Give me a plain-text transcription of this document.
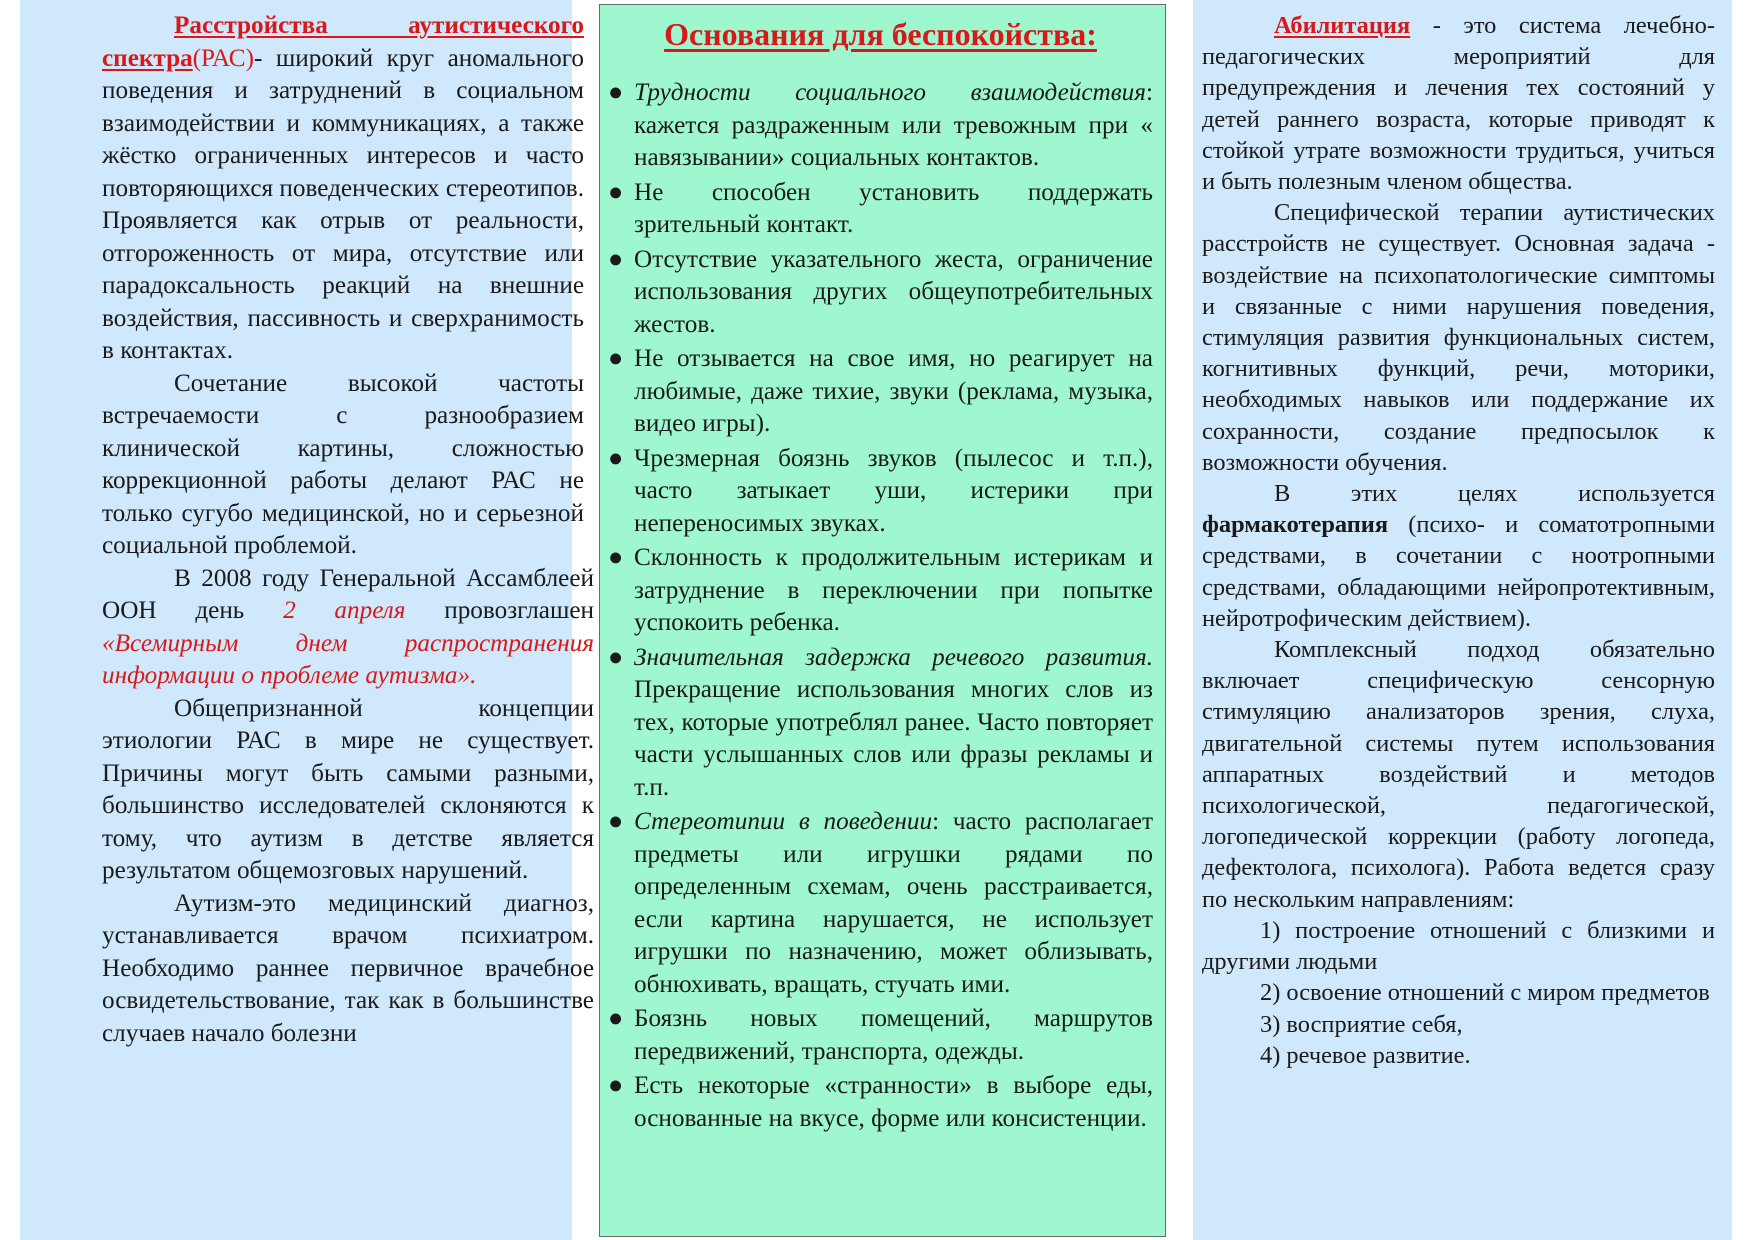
Расстройства аутистического спектра(РАС)- широкий круг аномального поведения и затруднений в социальном взаимодействии и коммуникациях, а также жёстко ограниченных интересов и часто повторяющихся поведенческих стереотипов. Проявляется как отрыв от реальности, отгороженность от мира, отсутствие или парадоксальность реакций на внешние воздействия, пассивность и сверхранимость в контактах.

Сочетание высокой частоты встречаемости с разнообразием клинической картины, сложностью коррекционной работы делают РАС не только сугубо медицинской, но и серьезной социальной проблемой.

В 2008 году Генеральной Ассамблеей ООН день 2 апреля провозглашен «Всемирным днем распространения информации о проблеме аутизма».

Общепризнанной концепции этиологии РАС в мире не существует. Причины могут быть самыми разными, большинство исследователей склоняются к тому, что аутизм в детстве является результатом общемозговых нарушений.

Аутизм-это медицинский диагноз, устанавливается врачом психиатром. Необходимо раннее первичное врачебное освидетельствование, так как в большинстве случаев начало болезни

Основания для беспокойства:
● Трудности социального взаимодействия: кажется раздраженным или тревожным при « навязывании» социальных контактов.
● Не способен установить поддержать зрительный контакт.
● Отсутствие указательного жеста, ограничение использования других общеупотребительных жестов.
● Не отзывается на свое имя, но реагирует на любимые, даже тихие, звуки (реклама, музыка, видео игры).
● Чрезмерная боязнь звуков (пылесос и т.п.), часто затыкает уши, истерики при непереносимых звуках.
● Склонность к продолжительным истерикам и затруднение в переключении при попытке успокоить ребенка.
● Значительная задержка речевого развития. Прекращение использования многих слов из тех, которые употреблял ранее. Часто повторяет части услышанных слов или фразы рекламы и т.п.
● Стереотипии в поведении: часто располагает предметы или игрушки рядами по определенным схемам, очень расстраивается, если картина нарушается, не использует игрушки по назначению, может облизывать, обнюхивать, вращать, стучать ими.
● Боязнь новых помещений, маршрутов передвижений, транспорта, одежды.
● Есть некоторые «странности» в выборе еды, основанные на вкусе, форме или консистенции.

Абилитация - это система лечебно-педагогических мероприятий для предупреждения и лечения тех состояний у детей раннего возраста, которые приводят к стойкой утрате возможности трудиться, учиться и быть полезным членом общества.

Специфической терапии аутистических расстройств не существует. Основная задача - воздействие на психопатологические симптомы и связанные с ними нарушения поведения, стимуляция развития функциональных систем, когнитивных функций, речи, моторики, необходимых навыков или поддержание их сохранности, создание предпосылок к возможности обучения.

В этих целях используется фармакотерапия (психо- и соматотропными средствами, в сочетании с ноотропными средствами, обладающими нейропротективным, нейротрофическим действием).

Комплексный подход обязательно включает специфическую сенсорную стимуляцию анализаторов зрения, слуха, двигательной системы путем использования аппаратных воздействий и методов психологической, педагогической, логопедической коррекции (работу логопеда, дефектолога, психолога). Работа ведется сразу по нескольким направлениям:

1) построение отношений с близкими и другими людьми

2) освоение отношений с миром предметов

3) восприятие себя,

4) речевое развитие.
